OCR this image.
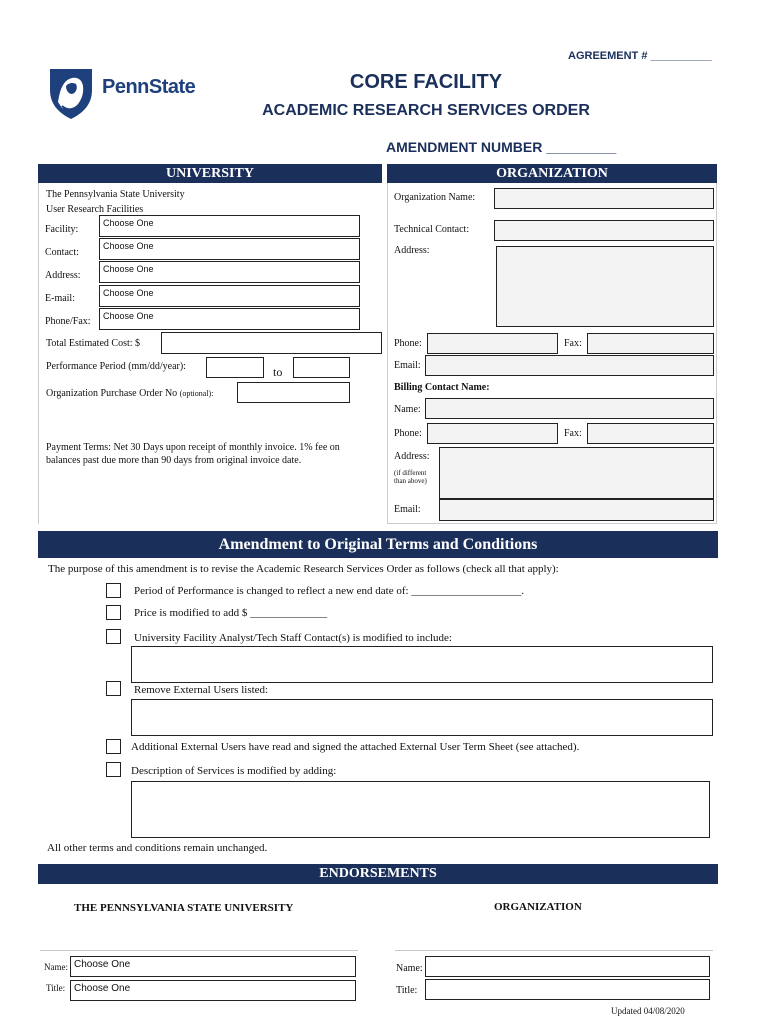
AGREEMENT # __________
PennState	CORE FACILITY
ACADEMIC RESEARCH SERVICES ORDER
AMENDMENT NUMBER _________
UNIVERSITY	ORGANIZATION
The Pennsylvania State University
User Research Facilities
Facility:
Choose One
Contact:
Choose One
Address:
Choose One
E-mail:	Choose One
Phone/Fax:	Choose One
Total Estimated Cost: $
Performance Period (mm/dd/year):	to
Organization Purchase Order No (optional):
Payment Terms: Net 30 Days upon receipt of monthly invoice. 1% fee on balances past due more than 90 days from original invoice date.
Organization Name:
Technical Contact:
Address:
Phone:	Fax:
Email:
Billing Contact Name:
Name:
Phone:	Fax:
Address:
(if different
than above)
Email:
Amendment to Original Terms and Conditions
The purpose of this amendment is to revise the Academic Research Services Order as follows (check all that apply):
Period of Performance is changed to reflect a new end date of: ____________________.
Price is modified to add $ ______________
University Facility Analyst/Tech Staff Contact(s) is modified to include:
Remove External Users listed:
Additional External Users have read and signed the attached External User Term Sheet (see attached).
Description of Services is modified by adding:
All other terms and conditions remain unchanged.
ENDORSEMENTS
THE PENNSYLVANIA STATE UNIVERSITY	ORGANIZATION
Name: Choose One
Title: Choose One
Name:
Title:
Updated 04/08/2020
